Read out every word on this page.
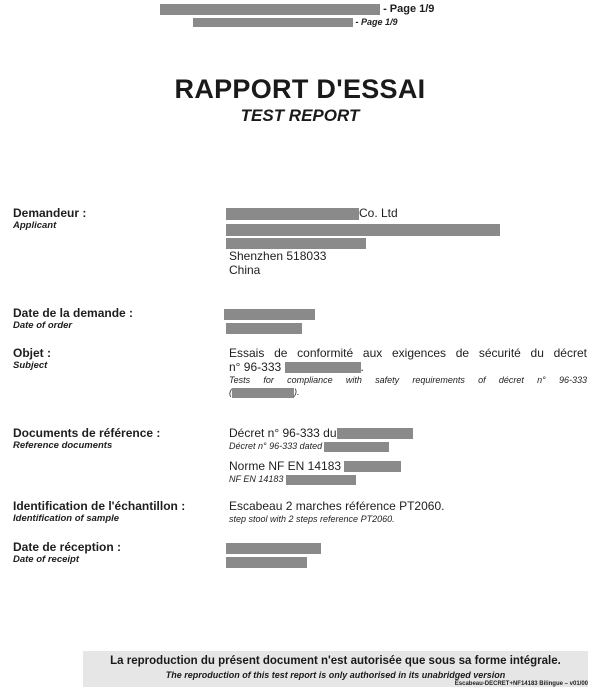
- Page 1/9
- Page 1/9
RAPPORT D'ESSAI
TEST REPORT
Demandeur :
Applicant
Co. Ltd
Shenzhen 518033
China
Date de la demande :
Date of order
Objet :
Subject
Essais de conformité aux exigences de sécurité du décret
n° 96-333	.
Tests for compliance with safety requirements of décret n° 96-333
(	).
Documents de référence :
Reference documents
Décret n° 96-333 du
Décret n° 96-333 dated
Norme NF EN 14183
NF EN 14183
Identification de l'échantillon :
Identification of sample
Escabeau 2 marches référence PT2060.
step stool with 2 steps reference PT2060.
Date de réception :
Date of receipt
La reproduction du présent document n'est autorisée que sous sa forme intégrale.
The reproduction of this test report is only authorised in its unabridged version
Escabeau-DECRET+NF14183 Bilingue – v01/00
